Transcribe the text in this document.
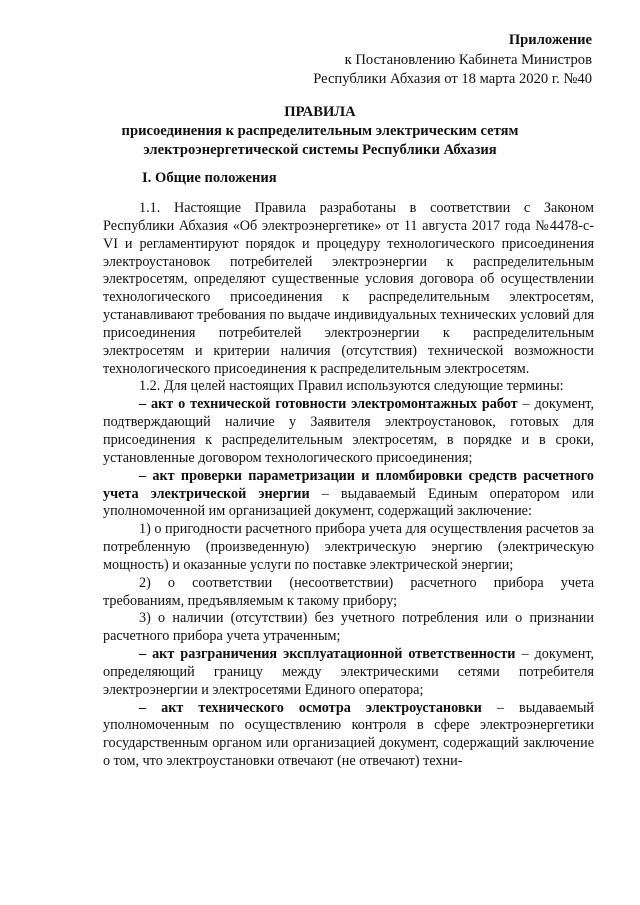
Приложение
к Постановлению Кабинета Министров
Республики Абхазия от 18 марта 2020 г. №40
ПРАВИЛА
присоединения к распределительным электрическим сетям
электроэнергетической системы Республики Абхазия
I. Общие положения

1.1. Настоящие Правила разработаны в соответствии с Законом Республики Абхазия «Об электроэнергетике» от 11 августа 2017 года №4478-с-VI и регламентируют порядок и процедуру технологического присоединения электроустановок потребителей электроэнергии к распределительным электросетям, определяют существенные условия договора об осуществлении технологического присоединения к распределительным электросетям, устанавливают требования по выдаче индивидуальных технических условий для присоединения потребителей электроэнергии к распределительным электросетям и критерии наличия (отсутствия) технической возможности технологического присоединения к распределительным электросетям.

1.2. Для целей настоящих Правил используются следующие термины:

– акт о технической готовности электромонтажных работ – документ, подтверждающий наличие у Заявителя электроустановок, готовых для присоединения к распределительным электросетям, в порядке и в сроки, установленные договором технологического присоединения;

– акт проверки параметризации и пломбировки средств расчетного учета электрической энергии – выдаваемый Единым оператором или уполномоченной им организацией документ, содержащий заключение:

1) о пригодности расчетного прибора учета для осуществления расчетов за потребленную (произведенную) электрическую энергию (электрическую мощность) и оказанные услуги по поставке электрической энергии;

2) о соответствии (несоответствии) расчетного прибора учета требованиям, предъявляемым к такому прибору;

3) о наличии (отсутствии) без учетного потребления или о признании расчетного прибора учета утраченным;

– акт разграничения эксплуатационной ответственности – документ, определяющий границу между электрическими сетями потребителя электроэнергии и электросетями Единого оператора;

– акт технического осмотра электроустановки – выдаваемый уполномоченным по осуществлению контроля в сфере электроэнергетики государственным органом или организацией документ, содержащий заключение о том, что электроустановки отвечают (не отвечают) техни-
